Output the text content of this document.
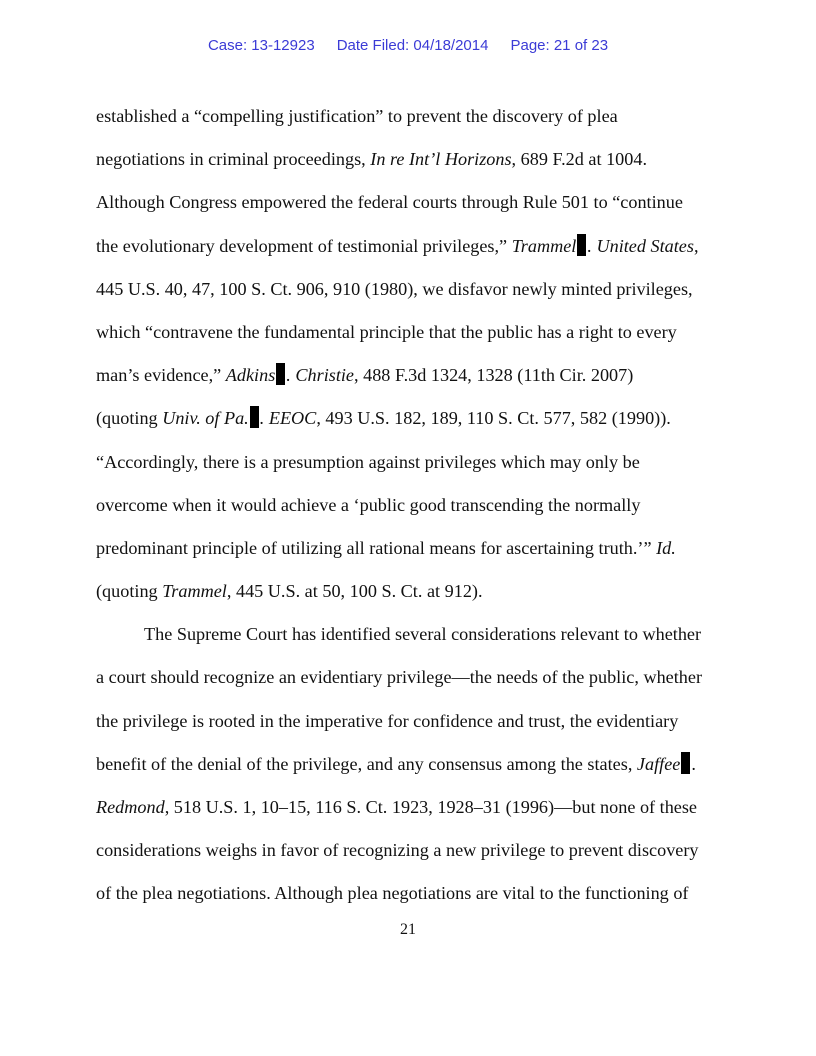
Case: 13-12923 Date Filed: 04/18/2014 Page: 21 of 23
established a “compelling justification” to prevent the discovery of plea
negotiations in criminal proceedings, In re Int’l Horizons, 689 F.2d at 1004.
Although Congress empowered the federal courts through Rule 501 to “continue
the evolutionary development of testimonial privileges,” Trammel . United States,
445 U.S. 40, 47, 100 S. Ct. 906, 910 (1980), we disfavor newly minted privileges,
which “contravene the fundamental principle that the public has a right to every
man’s evidence,” Adkins . Christie, 488 F.3d 1324, 1328 (11th Cir. 2007)
(quoting Univ. of Pa. . EEOC, 493 U.S. 182, 189, 110 S. Ct. 577, 582 (1990)).
“Accordingly, there is a presumption against privileges which may only be
overcome when it would achieve a ‘public good transcending the normally
predominant principle of utilizing all rational means for ascertaining truth.’” Id.
(quoting Trammel, 445 U.S. at 50, 100 S. Ct. at 912).
The Supreme Court has identified several considerations relevant to whether
a court should recognize an evidentiary privilege—the needs of the public, whether
the privilege is rooted in the imperative for confidence and trust, the evidentiary
benefit of the denial of the privilege, and any consensus among the states, Jaffee .
Redmond, 518 U.S. 1, 10–15, 116 S. Ct. 1923, 1928–31 (1996)—but none of these
considerations weighs in favor of recognizing a new privilege to prevent discovery
of the plea negotiations. Although plea negotiations are vital to the functioning of
21
